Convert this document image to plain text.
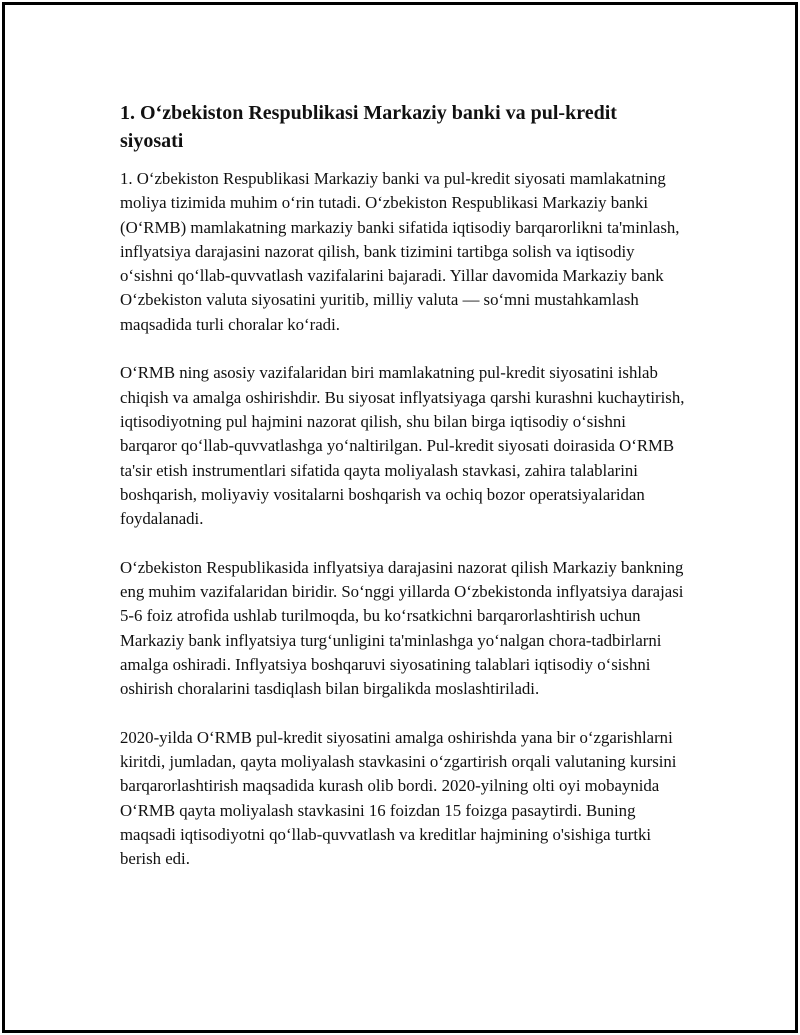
1. O‘zbekiston Respublikasi Markaziy banki va pul-kredit siyosati

1. O‘zbekiston Respublikasi Markaziy banki va pul-kredit siyosati mamlakatning moliya tizimida muhim o‘rin tutadi. O‘zbekiston Respublikasi Markaziy banki (O‘RMB) mamlakatning markaziy banki sifatida iqtisodiy barqarorlikni ta'minlash, inflyatsiya darajasini nazorat qilish, bank tizimini tartibga solish va iqtisodiy o‘sishni qo‘llab-quvvatlash vazifalarini bajaradi. Yillar davomida Markaziy bank O‘zbekiston valuta siyosatini yuritib, milliy valuta — so‘mni mustahkamlash maqsadida turli choralar ko‘radi.

O‘RMB ning asosiy vazifalaridan biri mamlakatning pul-kredit siyosatini ishlab chiqish va amalga oshirishdir. Bu siyosat inflyatsiyaga qarshi kurashni kuchaytirish, iqtisodiyotning pul hajmini nazorat qilish, shu bilan birga iqtisodiy o‘sishni barqaror qo‘llab-quvvatlashga yo‘naltirilgan. Pul-kredit siyosati doirasida O‘RMB ta'sir etish instrumentlari sifatida qayta moliyalash stavkasi, zahira talablarini boshqarish, moliyaviy vositalarni boshqarish va ochiq bozor operatsiyalaridan foydalanadi.

O‘zbekiston Respublikasida inflyatsiya darajasini nazorat qilish Markaziy bankning eng muhim vazifalaridan biridir. So‘nggi yillarda O‘zbekistonda inflyatsiya darajasi 5-6 foiz atrofida ushlab turilmoqda, bu ko‘rsatkichni barqarorlashtirish uchun Markaziy bank inflyatsiya turg‘unligini ta'minlashga yo‘nalgan chora-tadbirlarni amalga oshiradi. Inflyatsiya boshqaruvi siyosatining talablari iqtisodiy o‘sishni oshirish choralarini tasdiqlash bilan birgalikda moslashtiriladi.

2020-yilda O‘RMB pul-kredit siyosatini amalga oshirishda yana bir o‘zgarishlarni kiritdi, jumladan, qayta moliyalash stavkasini o‘zgartirish orqali valutaning kursini barqarorlashtirish maqsadida kurash olib bordi. 2020-yilning olti oyi mobaynida O‘RMB qayta moliyalash stavkasini 16 foizdan 15 foizga pasaytirdi. Buning maqsadi iqtisodiyotni qo‘llab-quvvatlash va kreditlar hajmining o'sishiga turtki berish edi.
